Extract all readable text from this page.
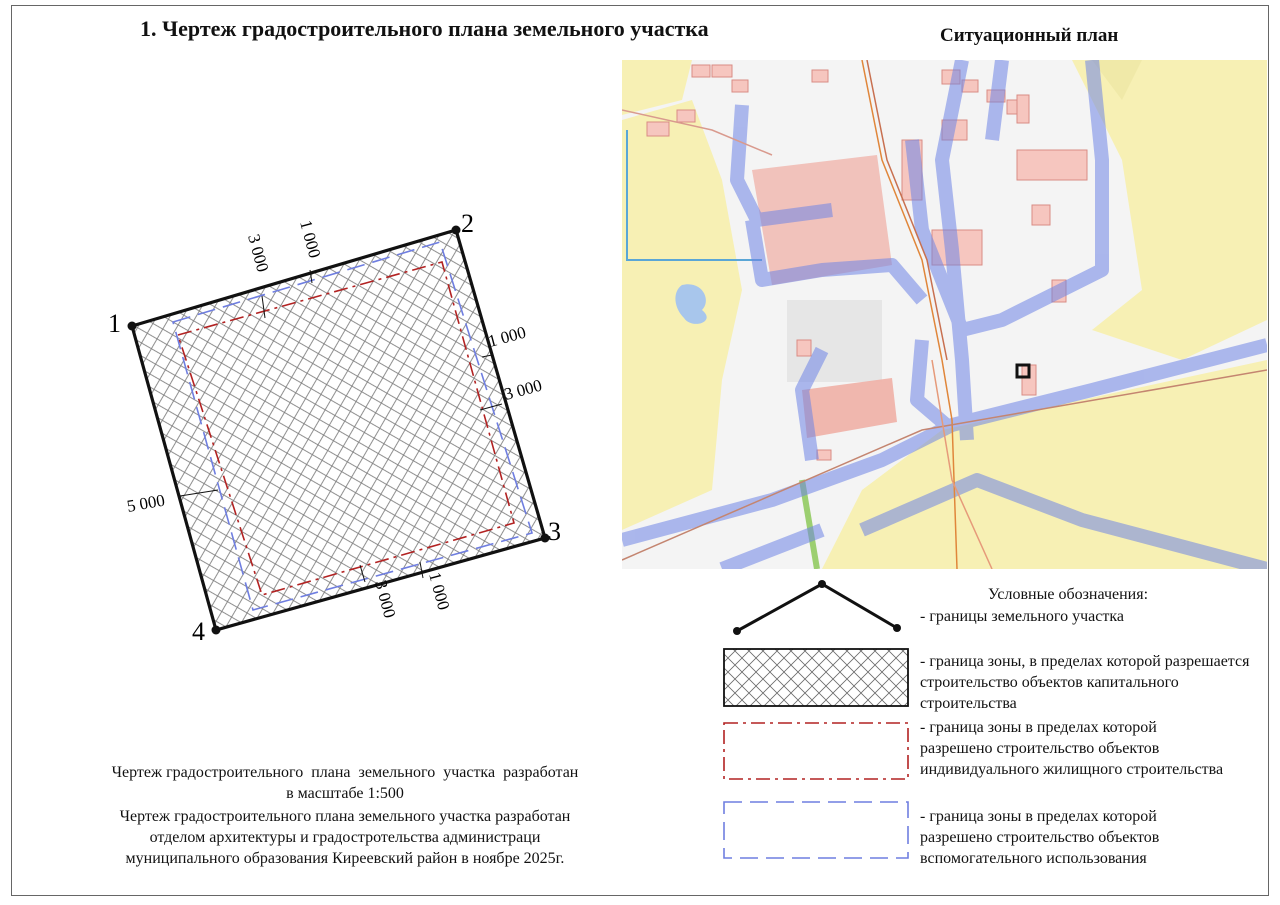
1. Чертеж градостроительного плана земельного участка	Ситуационный план
1
2
3
4
3 000 1 000
1 000
3 000
5 000
3 000 1 000	Условные обозначения:
- границы земельного участка
- граница зоны, в пределах которой разрешается строительство объектов капитального строительства
- граница зоны в пределах которой разрешено строительство объектов индивидуального жилищного строительства
- граница зоны в пределах которой разрешено строительство объектов вспомогательного использования

Чертеж градостроительного  плана  земельного  участка  разработан

в масштабе 1:500

Чертеж градостроительного плана земельного участка разработан

отделом архитектуры и градостротельства администраци

муниципального образования Киреевский район в ноябре 2025г.
